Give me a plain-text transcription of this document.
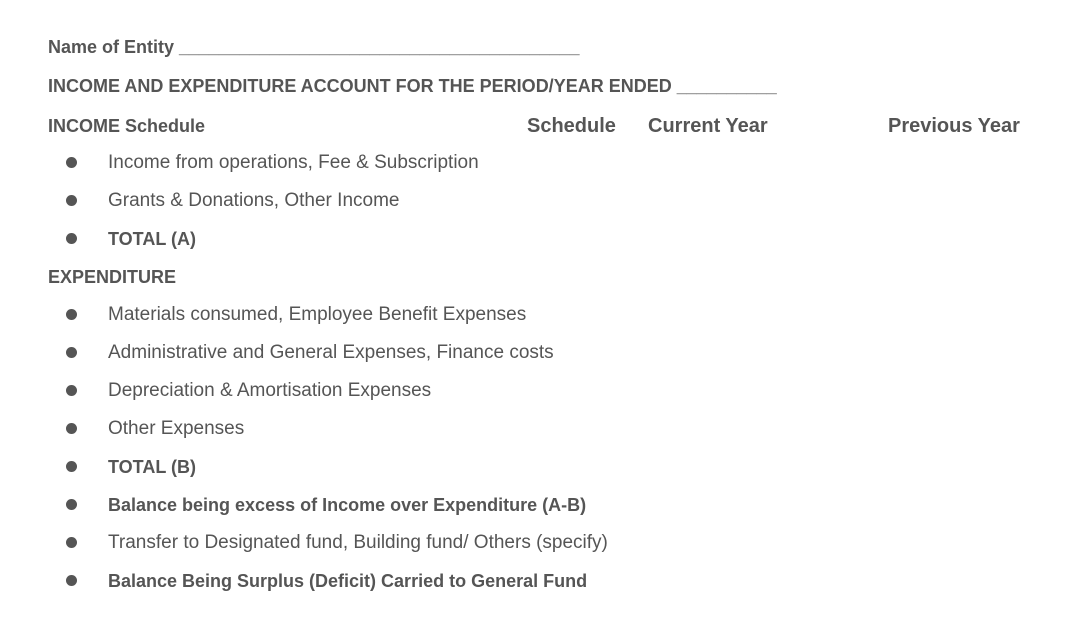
Name of Entity ________________________________________
INCOME AND EXPENDITURE ACCOUNT FOR THE PERIOD/YEAR ENDED __________
INCOME Schedule	Schedule Current Year	Previous Year
Income from operations, Fee & Subscription
Grants & Donations, Other Income
TOTAL (A)
EXPENDITURE
Materials consumed, Employee Benefit Expenses
Administrative and General Expenses, Finance costs
Depreciation & Amortisation Expenses
Other Expenses
TOTAL (B)
Balance being excess of Income over Expenditure (A-B)
Transfer to Designated fund, Building fund/ Others (specify)
Balance Being Surplus (Deficit) Carried to General Fund
